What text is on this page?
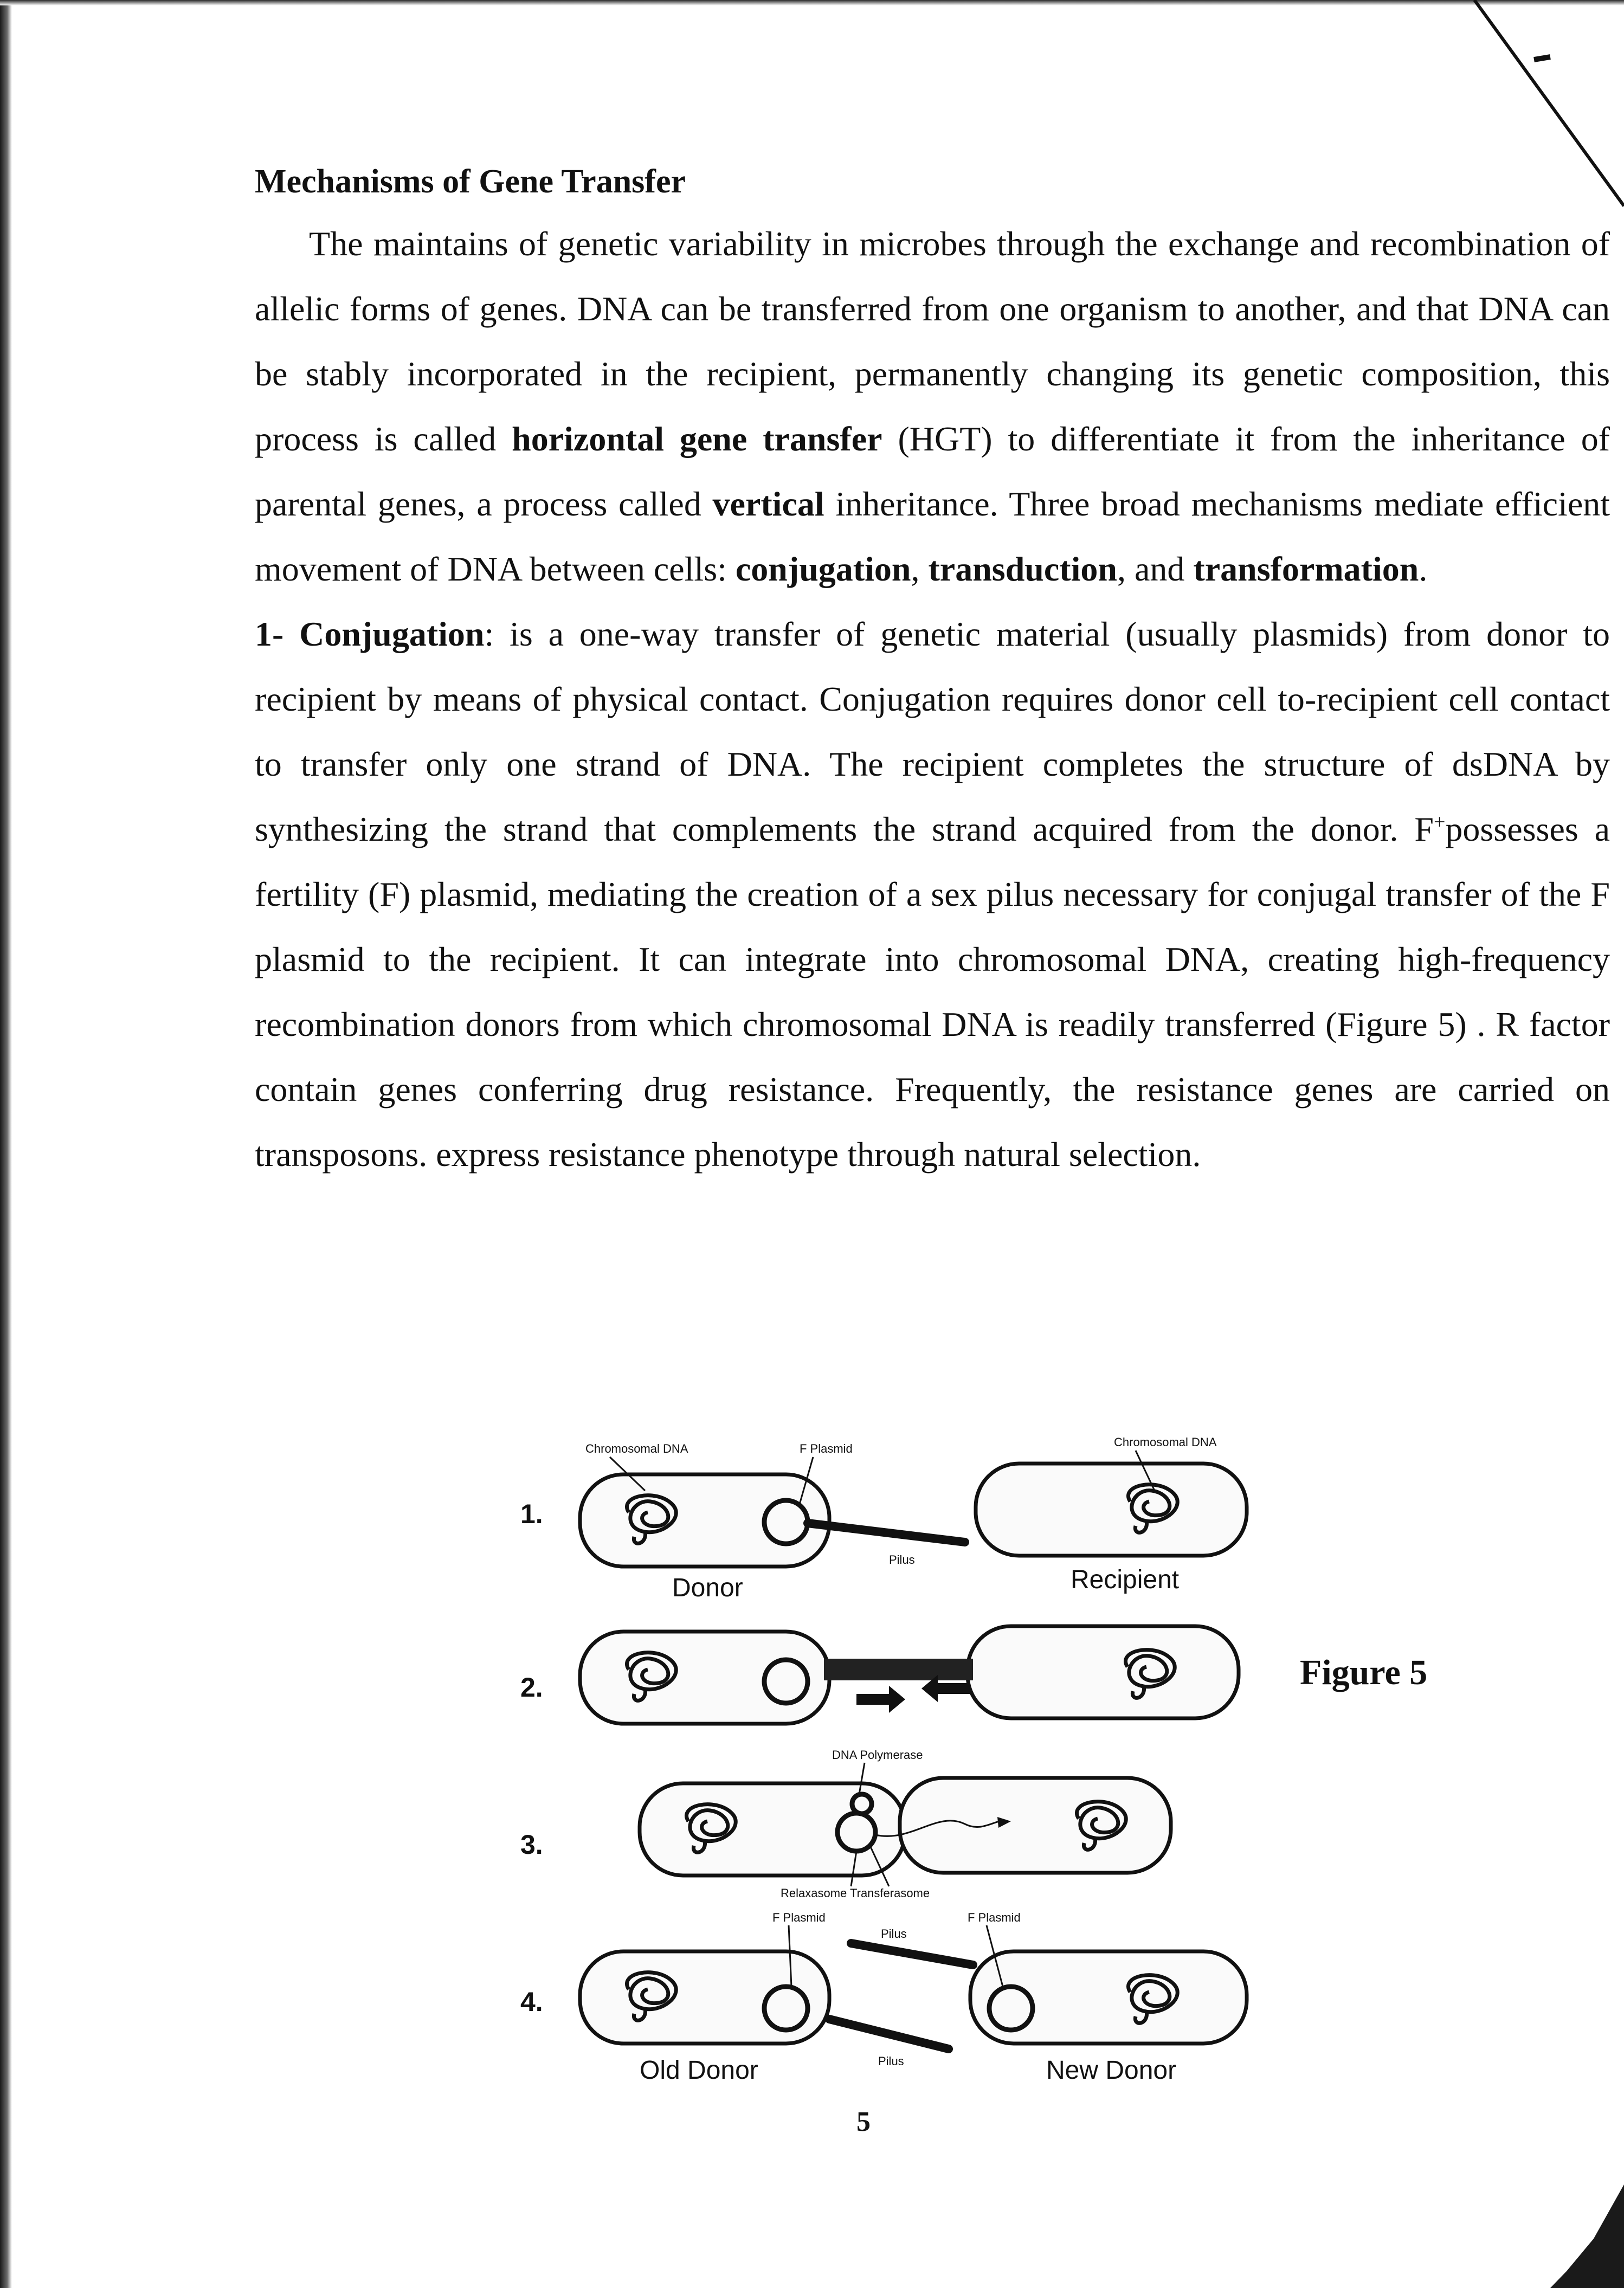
Mechanisms of Gene Transfer

The maintains of genetic variability in microbes through the exchange and recombination of allelic forms of genes. DNA can be transferred from one organism to another, and that DNA can be stably incorporated in the recipient, permanently changing its genetic composition, this process is called horizontal gene transfer (HGT) to differentiate it from the inheritance of parental genes, a process called vertical inheritance. Three broad mechanisms mediate efficient movement of DNA between cells: conjugation, transduction, and transformation.

1- Conjugation: is a one-way transfer of genetic material (usually plasmids) from donor to recipient by means of physical contact. Conjugation requires donor cell to-recipient cell contact to transfer only one strand of DNA. The recipient completes the structure of dsDNA by synthesizing the strand that complements the strand acquired from the donor. F+possesses a fertility (F) plasmid, mediating the creation of a sex pilus necessary for conjugal transfer of the F plasmid to the recipient. It can integrate into chromosomal DNA, creating high-frequency recombination donors from which chromosomal DNA is readily transferred (Figure 5) . R factor contain genes conferring drug resistance. Frequently, the resistance genes are carried on transposons. express resistance phenotype through natural selection.

1.
Chromosomal DNA	F Plasmid	Chromosomal DNA
Pilus
Donor	Recipient
2.
3.
DNA Polymerase
Relaxasome Transferasome
4.
F Plasmid	F Plasmid
Pilus
Pilus
Old Donor	New Donor
Figure 5
5
